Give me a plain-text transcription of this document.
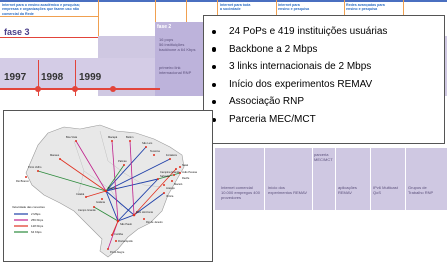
Internet para o ensino acadêmico e pesquisa; empresas e organizações que fazem uso não comercial da Rede
Internet para toda a sociedade
Internet para ensino e pesquisa
Redes avançadas para ensino e pesquisa
fase 3	fase 2
16 pops
56 instituições
backbone a 64 Kbps
primeiro link internacional RNP
1997 1998 1999
Internet comercial 10.000 empregos 400 provedores
início dos experimentos REMAV
parceria MEC/MCT
aplicações REMAV
IPv6 Multicast QoS
Grupos de Trabalho RNP
24 PoPs e 419 instituições usuárias
Backbone a 2 Mbps
3 links internacionais de 2 Mbps
Início dos experimentos REMAV
Associação RNP
Parceria MEC/MCT
Boa Vista	Macapá	Belém
São Luís
Fortaleza
Manaus
Teresina
Natal
João Pessoa
Recife
Maceió
Aracaju
Porto Velho
Rio Branco
Palmas
Salvador
Cuiabá
Brasília
Campo Grande
Goiânia
Belo Horizonte
Vitória
Rio de Janeiro
São Paulo
Curitiba
Florianópolis
Porto Alegre
Campina Grande
Velocidade das conexões
2 Mbps
256 Kbps
128 Kbps
64 Kbps
